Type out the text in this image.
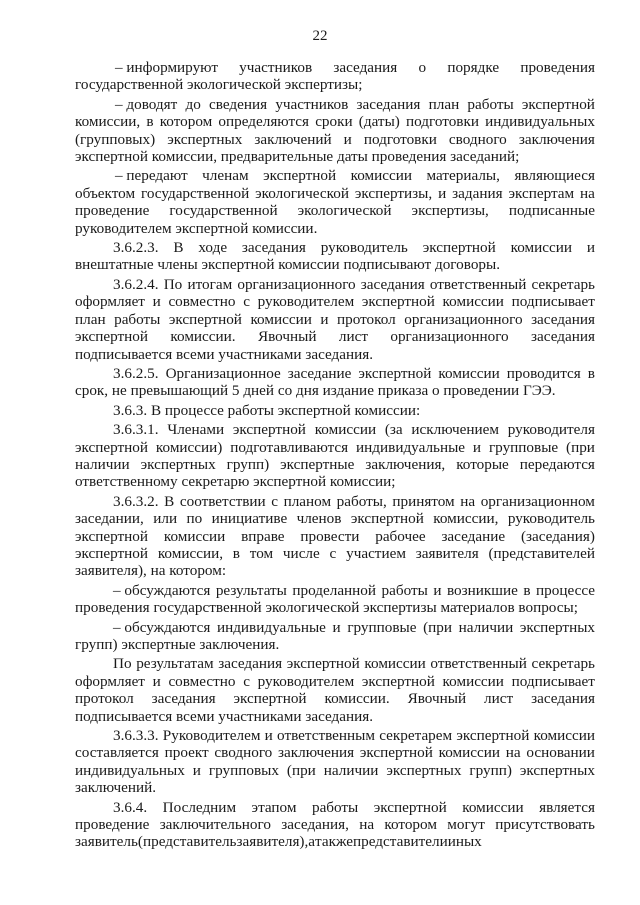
22
– информируют участников заседания о порядке проведения
государственной экологической экспертизы;
– доводят до сведения участников заседания план работы экспертной
комиссии, в котором определяются сроки (даты) подготовки индивидуальных
(групповых) экспертных заключений и подготовки сводного заключения
экспертной комиссии, предварительные даты проведения заседаний;
– передают членам экспертной комиссии материалы, являющиеся
объектом государственной экологической экспертизы, и задания экспертам на
проведение государственной экологической экспертизы, подписанные
руководителем экспертной комиссии.
3.6.2.3. В ходе заседания руководитель экспертной комиссии и
внештатные члены экспертной комиссии подписывают договоры.
3.6.2.4. По итогам организационного заседания ответственный секретарь
оформляет и совместно с руководителем экспертной комиссии подписывает
план работы экспертной комиссии и протокол организационного заседания
экспертной комиссии. Явочный лист организационного заседания
подписывается всеми участниками заседания.
3.6.2.5. Организационное заседание экспертной комиссии проводится в
срок, не превышающий 5 дней со дня издание приказа о проведении ГЭЭ.
3.6.3. В процессе работы экспертной комиссии:
3.6.3.1. Членами экспертной комиссии (за исключением руководителя
экспертной комиссии) подготавливаются индивидуальные и групповые (при
наличии экспертных групп) экспертные заключения, которые передаются
ответственному секретарю экспертной комиссии;
3.6.3.2. В соответствии с планом работы, принятом на организационном
заседании, или по инициативе членов экспертной комиссии, руководитель
экспертной комиссии вправе провести рабочее заседание (заседания)
экспертной комиссии, в том числе с участием заявителя (представителей
заявителя), на котором:
– обсуждаются результаты проделанной работы и возникшие в процессе
проведения государственной экологической экспертизы материалов вопросы;
– обсуждаются индивидуальные и групповые (при наличии экспертных
групп) экспертные заключения.
По результатам заседания экспертной комиссии ответственный секретарь
оформляет и совместно с руководителем экспертной комиссии подписывает
протокол заседания экспертной комиссии. Явочный лист заседания
подписывается всеми участниками заседания.
3.6.3.3. Руководителем и ответственным секретарем экспертной комиссии
составляется проект сводного заключения экспертной комиссии на основании
индивидуальных и групповых (при наличии экспертных групп) экспертных
заключений.
3.6.4. Последним этапом работы экспертной комиссии является
проведение заключительного заседания, на котором могут присутствовать
заявитель (представитель заявителя), а также представители иных
